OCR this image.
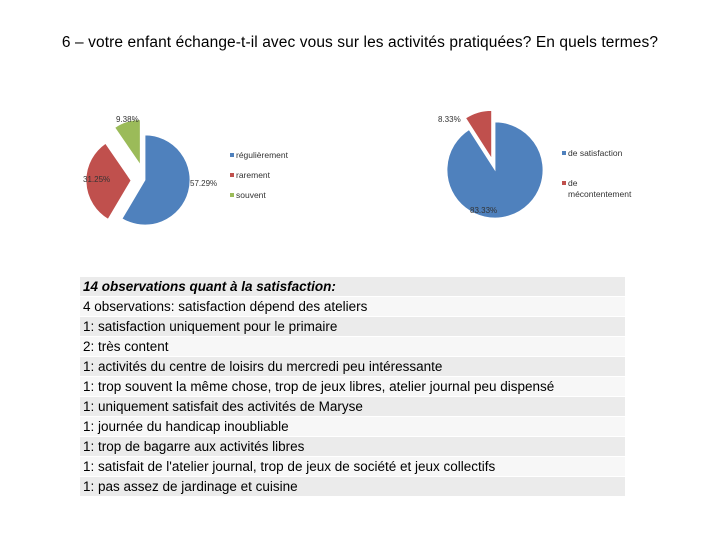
6 – votre enfant échange-t-il avec vous sur les activités pratiquées? En quels termes?
57.29%
31.25%
9.38%
régulièrement
rarement
souvent
83.33%
8.33%
de satisfaction
de mécontentement
14 observations quant à la satisfaction:
4 observations: satisfaction dépend des ateliers
1: satisfaction uniquement pour le primaire
2: très content
1: activités du centre de loisirs du mercredi peu intéressante
1: trop souvent la même chose, trop de jeux libres, atelier journal peu dispensé
1: uniquement satisfait des activités de Maryse
1: journée du handicap inoubliable
1: trop de bagarre aux activités libres
1: satisfait de l'atelier journal, trop de jeux de société et jeux collectifs
1: pas assez de jardinage et cuisine
